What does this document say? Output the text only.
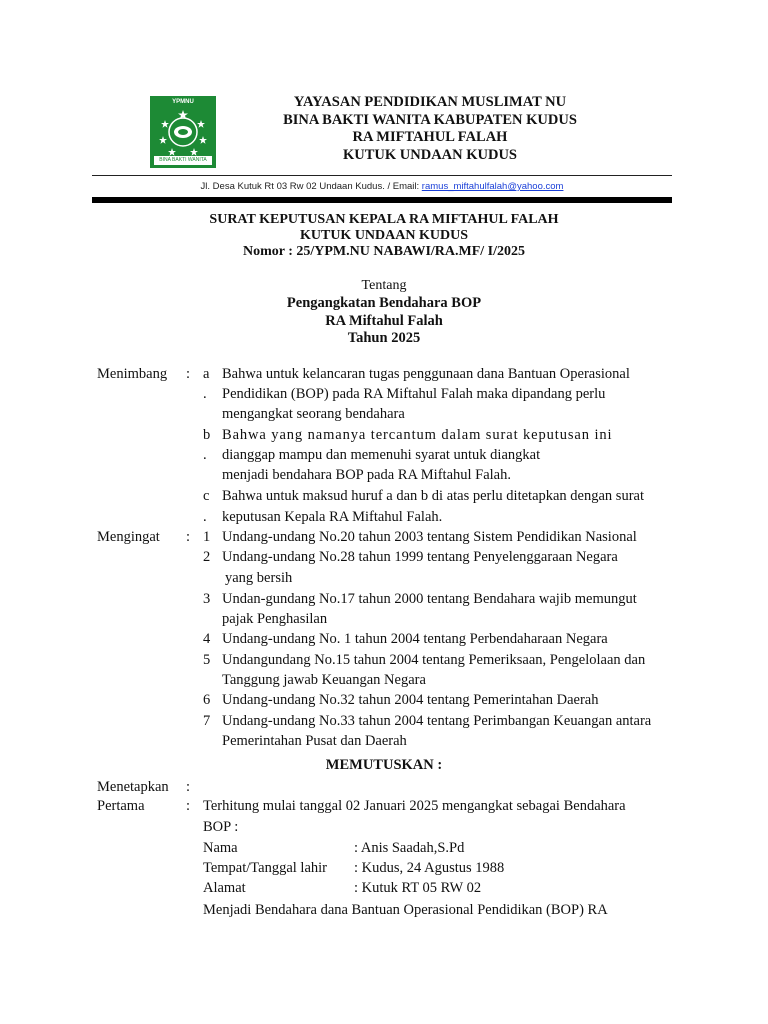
YPMNU
BINA BAKTI WANITA
YAYASAN PENDIDIKAN MUSLIMAT NU
BINA BAKTI WANITA KABUPATEN KUDUS
RA MIFTAHUL FALAH
KUTUK UNDAAN KUDUS
Jl. Desa Kutuk Rt 03 Rw 02 Undaan Kudus. / Email: ramus_miftahulfalah@yahoo.com
SURAT KEPUTUSAN KEPALA RA MIFTAHUL FALAH
KUTUK UNDAAN KUDUS
Nomor : 25/YPM.NU NABAWI/RA.MF/ I/2025
Tentang
Pengangkatan Bendahara BOP
RA Miftahul Falah
Tahun 2025
Menimbang : a Bahwa untuk kelancaran tugas penggunaan dana Bantuan Operasional
. Pendidikan (BOP) pada RA Miftahul Falah maka dipandang perlu
mengangkat seorang bendahara
b Bahwa yang namanya tercantum dalam surat keputusan ini
. dianggap mampu dan memenuhi syarat untuk diangkat
menjadi bendahara BOP pada RA Miftahul Falah.
c Bahwa untuk maksud huruf a dan b di atas perlu ditetapkan dengan surat
. keputusan Kepala RA Miftahul Falah.
Mengingat : 1 Undang-undang No.20 tahun 2003 tentang Sistem Pendidikan Nasional
2 Undang-undang No.28 tahun 1999 tentang Penyelenggaraan Negara
yang bersih
3 Undan-gundang No.17 tahun 2000 tentang Bendahara wajib memungut
pajak Penghasilan
4 Undang-undang No. 1 tahun 2004 tentang Perbendaharaan Negara
5 Undangundang No.15 tahun 2004 tentang Pemeriksaan, Pengelolaan dan
Tanggung jawab Keuangan Negara
6 Undang-undang No.32 tahun 2004 tentang Pemerintahan Daerah
7 Undang-undang No.33 tahun 2004 tentang Perimbangan Keuangan antara
Pemerintahan Pusat dan Daerah
MEMUTUSKAN :
Menetapkan :
Pertama	: Terhitung mulai tanggal 02 Januari 2025 mengangkat sebagai Bendahara
BOP :
Nama	: Anis Saadah,S.Pd
Tempat/Tanggal lahir : Kudus, 24 Agustus 1988
Alamat	: Kutuk RT 05 RW 02
Menjadi Bendahara dana Bantuan Operasional Pendidikan (BOP) RA
